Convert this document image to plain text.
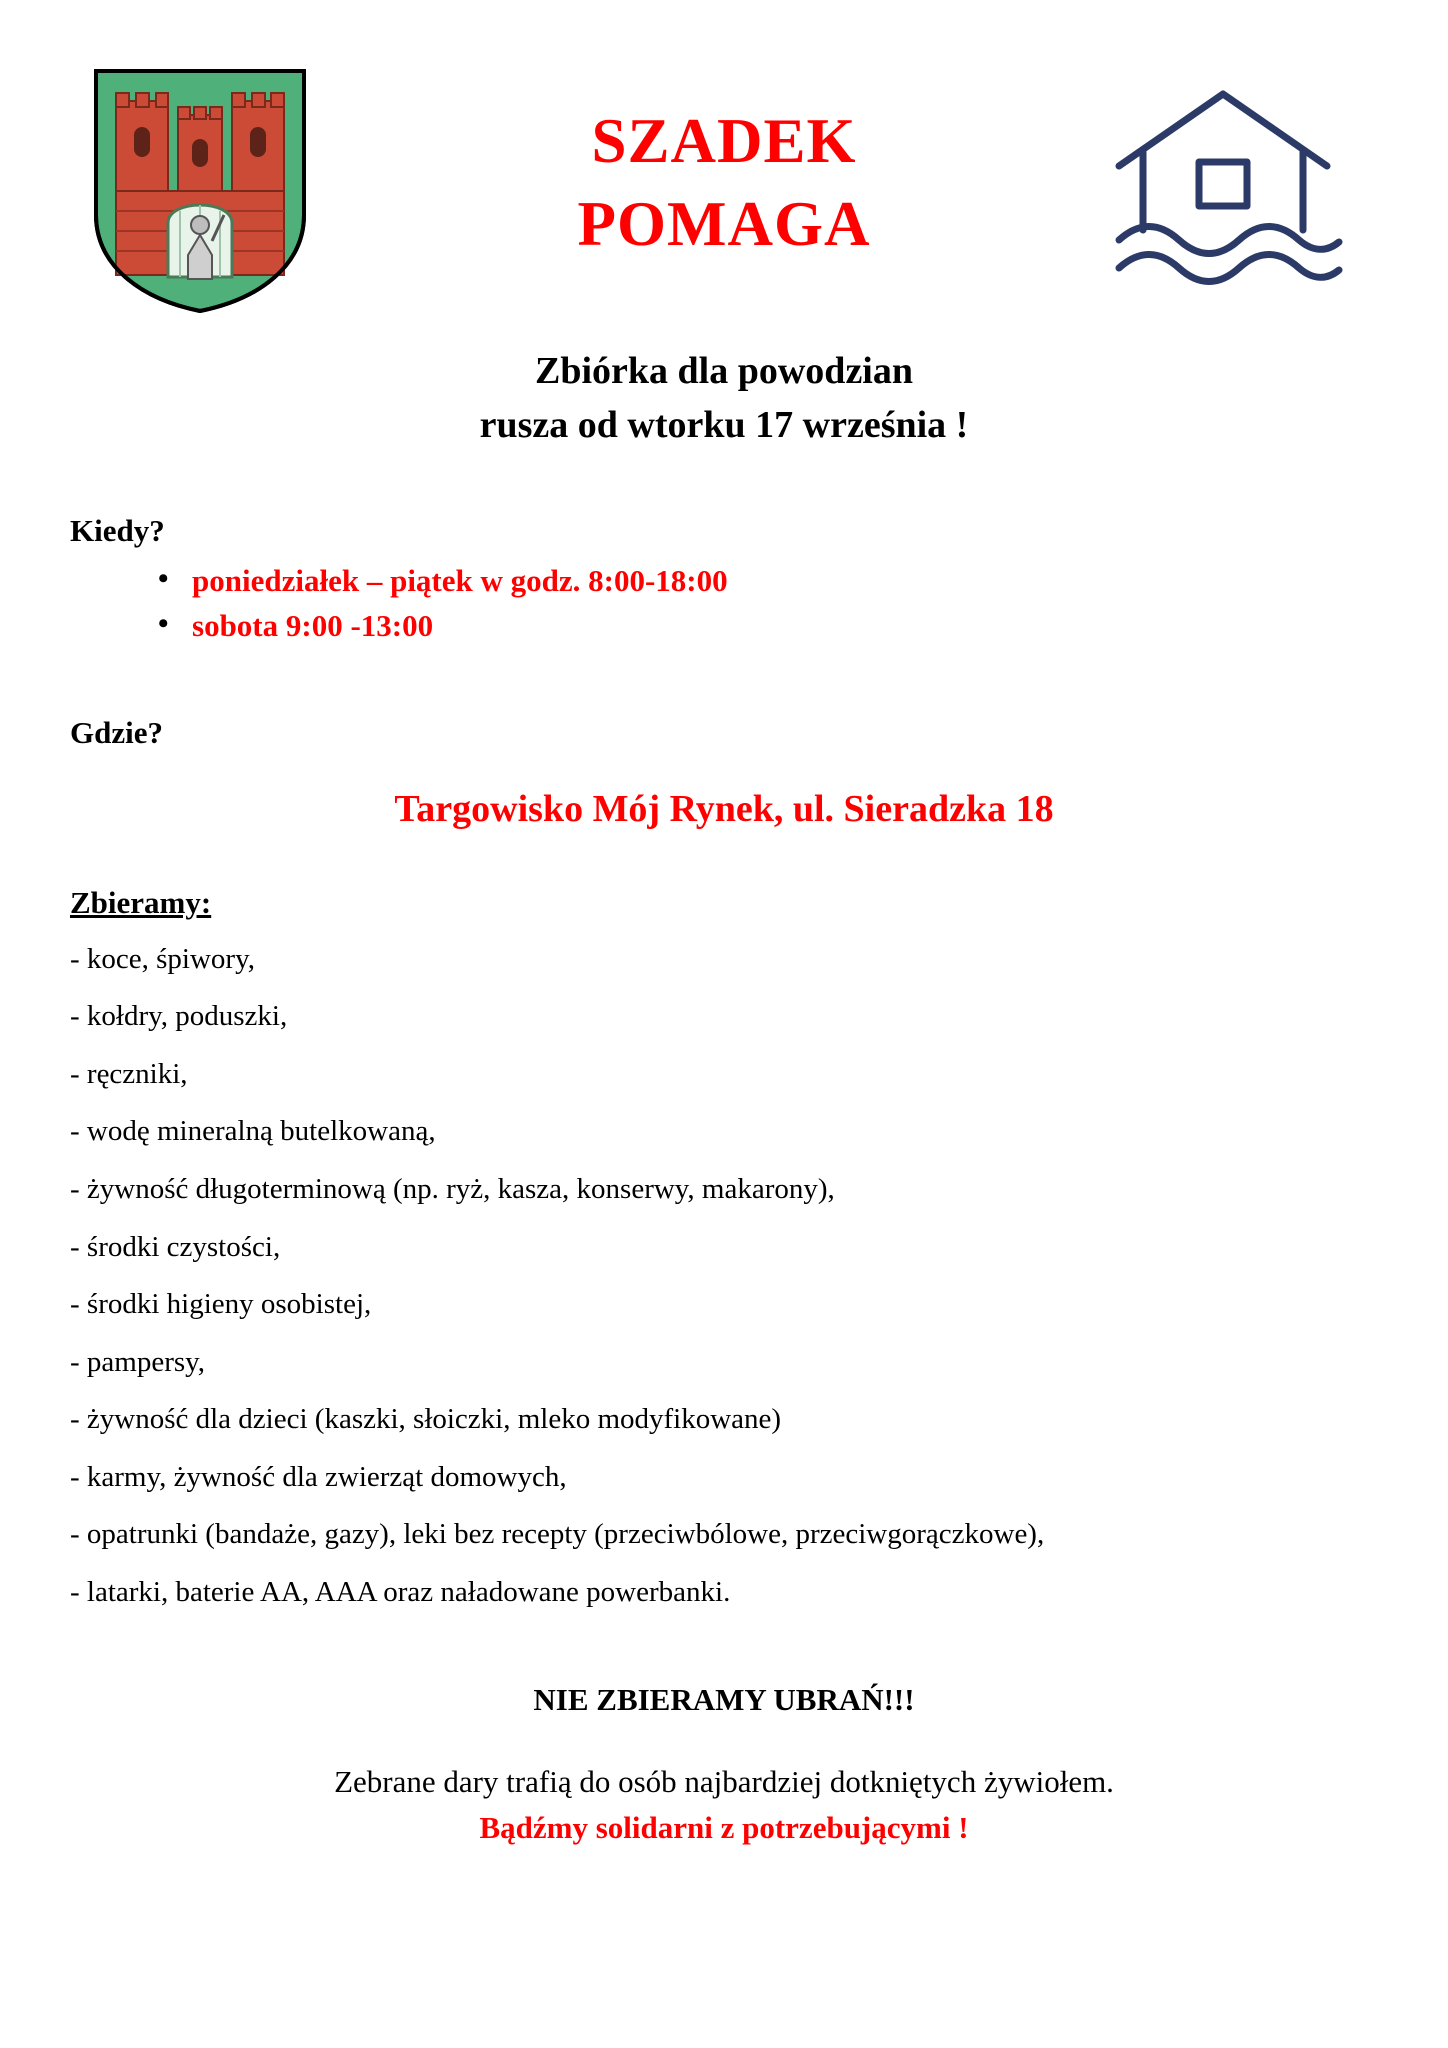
SZADEK
POMAGA
Zbiórka dla powodzian
rusza od wtorku 17 września !
Kiedy?
• poniedziałek – piątek w godz. 8:00-18:00
• sobota 9:00 -13:00
Gdzie?
Targowisko Mój Rynek, ul. Sieradzka 18
Zbieramy:
- koce, śpiwory,
- kołdry, poduszki,
- ręczniki,
- wodę mineralną butelkowaną,
- żywność długoterminową (np. ryż, kasza, konserwy, makarony),
- środki czystości,
- środki higieny osobistej,
- pampersy,
- żywność dla dzieci (kaszki, słoiczki, mleko modyfikowane)
- karmy, żywność dla zwierząt domowych,
- opatrunki (bandaże, gazy), leki bez recepty (przeciwbólowe, przeciwgorączkowe),
- latarki, baterie AA, AAA oraz naładowane powerbanki.
NIE ZBIERAMY UBRAŃ!!!
Zebrane dary trafią do osób najbardziej dotkniętych żywiołem.
Bądźmy solidarni z potrzebującymi !
